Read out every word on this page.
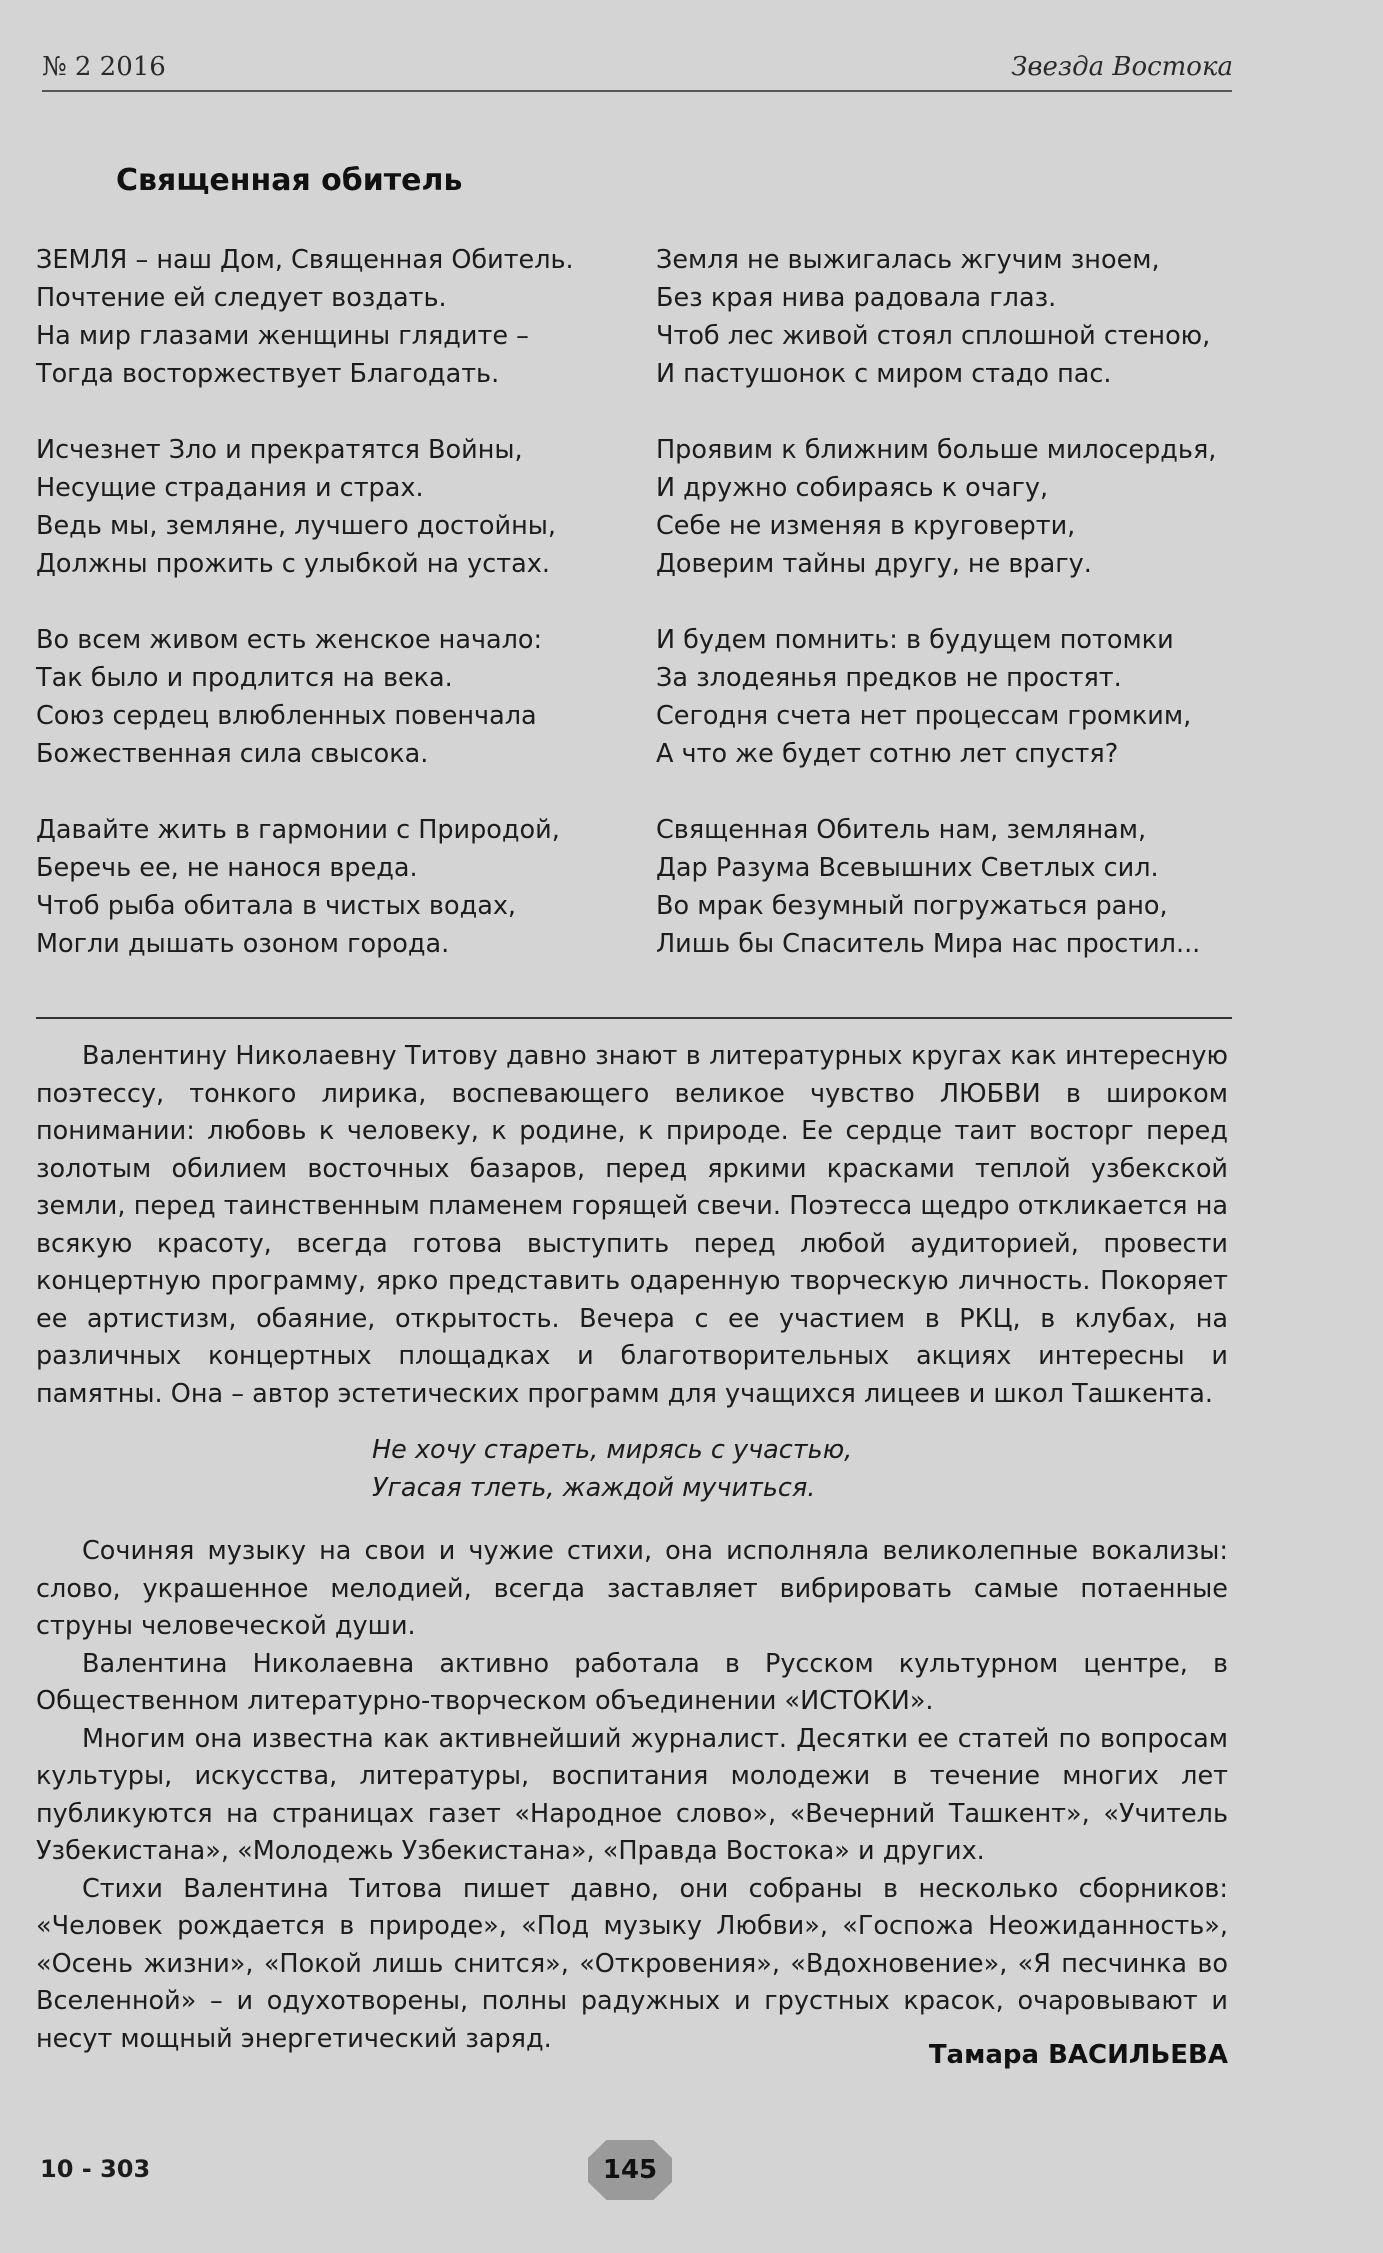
№ 2 2016	Звезда Востока
Священная обитель
ЗЕМЛЯ – наш Дом, Священная Обитель.
Почтение ей следует воздать.
На мир глазами женщины глядите –
Тогда восторжествует Благодать.
Исчезнет Зло и прекратятся Войны,
Несущие страдания и страх.
Ведь мы, земляне, лучшего достойны,
Должны прожить с улыбкой на устах.
Во всем живом есть женское начало:
Так было и продлится на века.
Союз сердец влюбленных повенчала
Божественная сила свысока.
Давайте жить в гармонии с Природой,
Беречь ее, не нанося вреда.
Чтоб рыба обитала в чистых водах,
Могли дышать озоном города.
Земля не выжигалась жгучим зноем,
Без края нива радовала глаз.
Чтоб лес живой стоял сплошной стеною,
И пастушонок с миром стадо пас.
Проявим к ближним больше милосердья,
И дружно собираясь к очагу,
Себе не изменяя в круговерти,
Доверим тайны другу, не врагу.
И будем помнить: в будущем потомки
За злодеянья предков не простят.
Сегодня счета нет процессам громким,
А что же будет сотню лет спустя?
Священная Обитель нам, землянам,
Дар Разума Всевышних Светлых сил.
Во мрак безумный погружаться рано,
Лишь бы Спаситель Мира нас простил...

Валентину Николаевну Титову давно знают в литературных кругах как интересную поэтессу, тонкого лирика, воспевающего великое чувство ЛЮБВИ в широком понимании: любовь к человеку, к родине, к природе. Ее сердце таит восторг перед золотым обилием восточных базаров, перед яркими красками теплой узбекской земли, перед таинственным пламенем горящей свечи. Поэтесса щедро откликается на всякую красоту, всегда готова выступить перед любой аудиторией, провести концертную программу, ярко представить одаренную творческую личность. Покоряет ее артистизм, обаяние, открытость. Вечера с ее участием в РКЦ, в клубах, на различных концертных площадках и благотворительных акциях интересны и памятны. Она – автор эстетических программ для учащихся лицеев и школ Ташкента.

Не хочу стареть, мирясь с участью,
Угасая тлеть, жаждой мучиться.

Сочиняя музыку на свои и чужие стихи, она исполняла великолепные вокализы: слово, украшенное мелодией, всегда заставляет вибрировать самые потаенные струны человеческой души.

Валентина Николаевна активно работала в Русском культурном центре, в Общественном литературно-творческом объединении «ИСТОКИ».

Многим она известна как активнейший журналист. Десятки ее статей по вопросам культуры, искусства, литературы, воспитания молодежи в течение многих лет публикуются на страницах газет «Народное слово», «Вечерний Ташкент», «Учитель Узбекистана», «Молодежь Узбекистана», «Правда Востока» и других.

Стихи Валентина Титова пишет давно, они собраны в несколько сборников: «Человек рождается в природе», «Под музыку Любви», «Госпожа Неожиданность», «Осень жизни», «Покой лишь снится», «Откровения», «Вдохновение», «Я песчинка во Вселенной» – и одухотворены, полны радужных и грустных красок, очаровывают и несут мощный энергетический заряд.

Тамара ВАСИЛЬЕВА
10 - 303	145
